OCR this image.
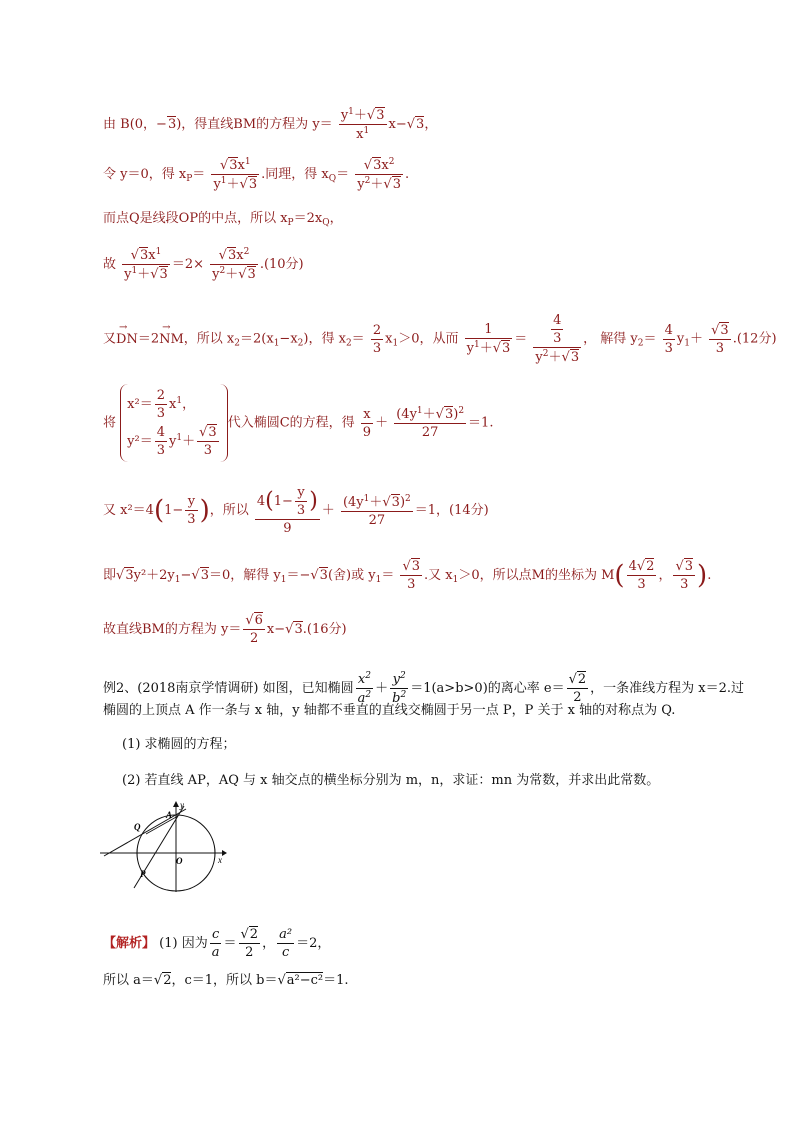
由 B(0，−3)，得直线BM的方程为 $y= \frac{y^1+√3}{x^1} x-√3$，
令 y＝0，得 $x_P= \frac{√3x^1}{y^1+√3}$ .同理，得 $x_Q= \frac{√3x^2}{y^2+√3}$ .
而点Q是线段OP的中点，所以 $x_P=2x_Q$，
故 $\frac{√3x^1}{y^1+√3} =2\times \frac{√3x^2}{y^2+√3} .(10$分)
又
→
DN＝2
→
NM，所以 $x_2=2(x_1-x_2)$，得 $x_2= \frac{2}{3} x_1>0$，从而 $\frac{1}{y^1+√3} = \frac{\frac{4}{3}}{y^2+√3}$ ， 解得 $y_2= \frac{4}{3} y_1+ \frac{√3}{3} .(12$分)
将
$x^2= \frac{2}{3} x^1$，
$y^2= \frac{4}{3} y^1+ \frac{√3}{3}$
代入椭圆C的方程，得 $\frac{x}{9} + \frac{(4y^1+√3)^2}{27} =1$.
又 $x^2=4(1- \frac{y}{3}$ )，所以 $\frac{4(1- \frac{y}{3} )}{9} + \frac{(4y^1+√3)^2}{27} =1$，(14分)
即$√3y^2+2y_1-√3=0$，解得 $y_1=-√3$(舍)或 $y_1= \frac{√3}{3}$ .又 $x_1>0$，所以点M的坐标为 $M( \frac{4√2}{3}$ ， $\frac{√3}{3}$ ).
故直线BM的方程为 $y= \frac{√6}{2} x-√3.(16$分)
例2、(2018南京学情调研) 如图，已知椭圆 $\frac{x^2}{a^2} + \frac{y^2}{b^2} =1(a>b>0)$的离心率 $e= \frac{√2}{2}$ ，一条准线方程为 x＝2.过
椭圆的上顶点 A 作一条与 x 轴，y 轴都不垂直的直线交椭圆于另一点 P，P 关于 x 轴的对称点为 Q.
(1) 求椭圆的方程；
(2) 若直线 AP，AQ 与 x 轴交点的横坐标分别为 m，n，求证：mn 为常数，并求出此常数。
y
x
A
Q
O
P
【解析】 (1) 因为 $\frac{c}{a} = \frac{√2}{2}$ ， $\frac{\text{a²}}{c} =2$，
所以 a＝√2，c＝1，所以 b＝√a²−c²＝1.
